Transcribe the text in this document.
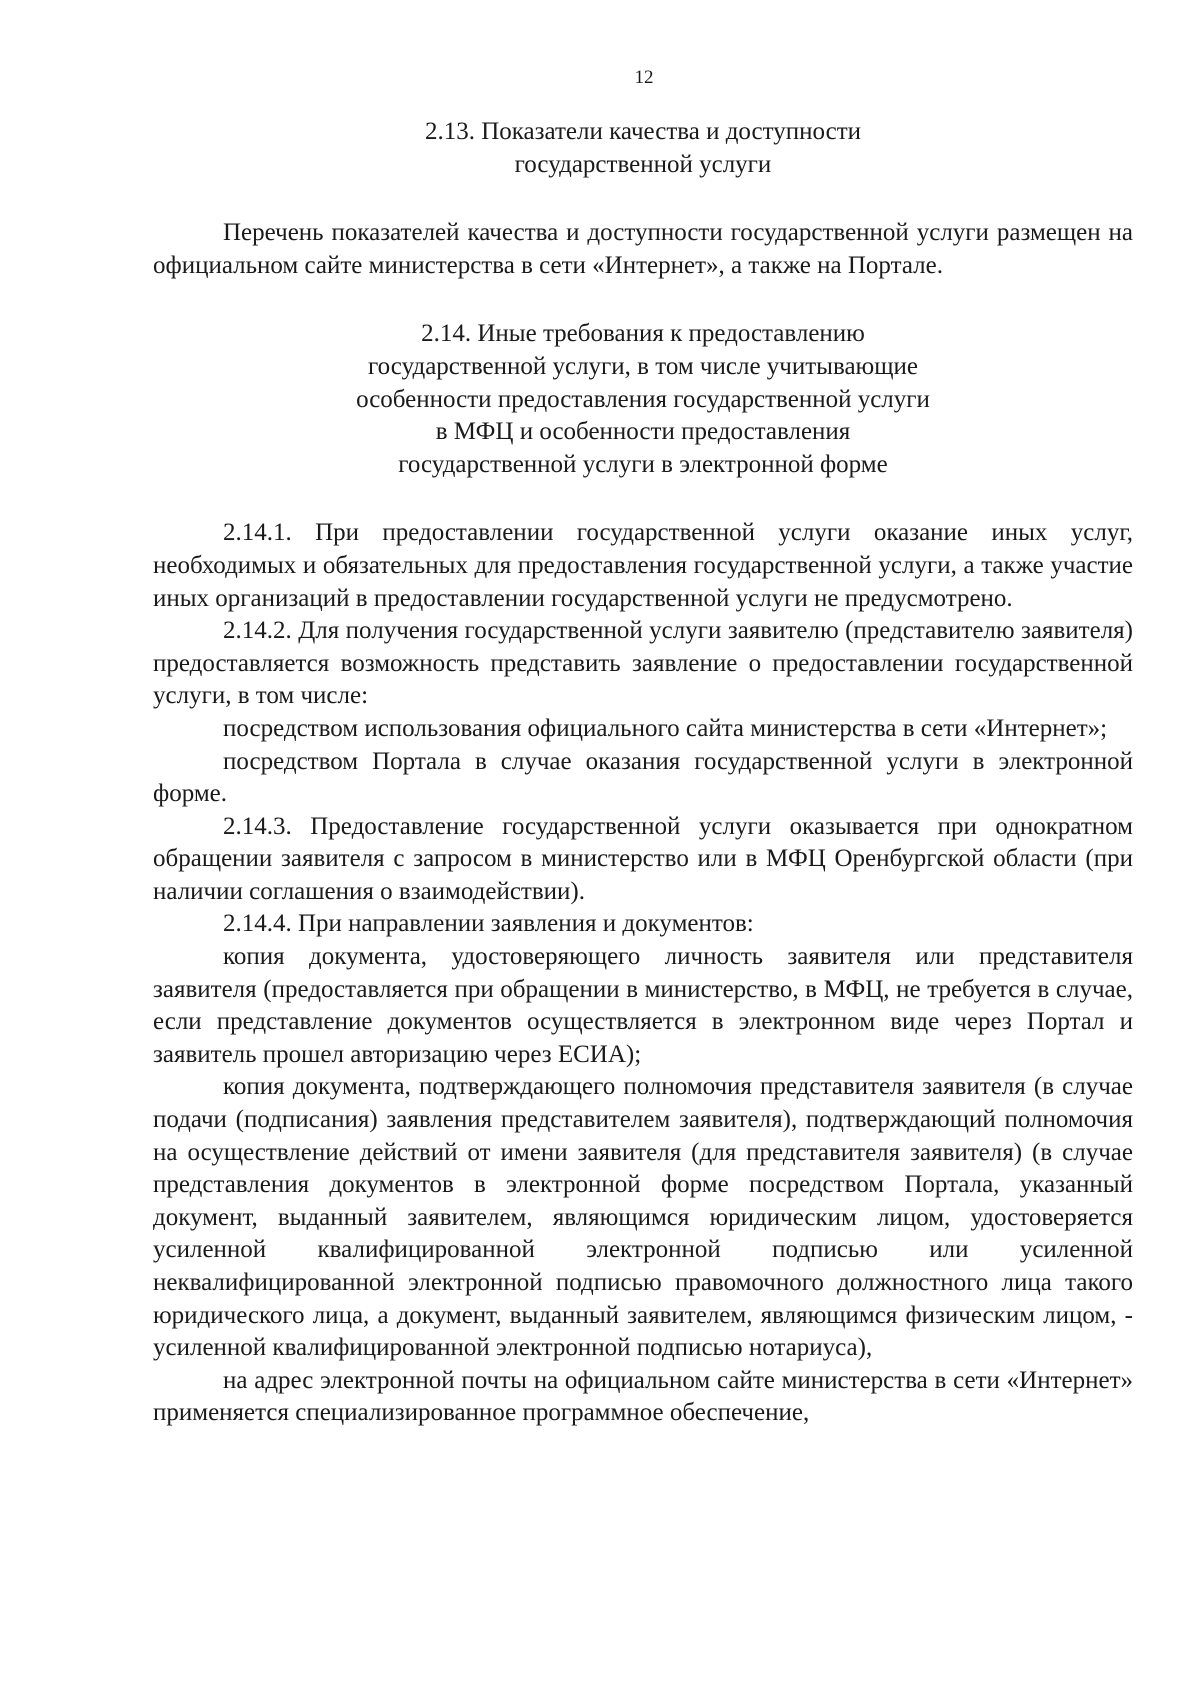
12
2.13. Показатели качества и доступности
государственной услуги

Перечень показателей качества и доступности государственной услуги размещен на официальном сайте министерства в сети «Интернет», а также на Портале.

2.14. Иные требования к предоставлению
государственной услуги, в том числе учитывающие
особенности предоставления государственной услуги
в МФЦ и особенности предоставления
государственной услуги в электронной форме

2.14.1. При предоставлении государственной услуги оказание иных услуг, необходимых и обязательных для предоставления государственной услуги, а также участие иных организаций в предоставлении государственной услуги не предусмотрено.

2.14.2. Для получения государственной услуги заявителю (представителю заявителя) предоставляется возможность представить заявление о предоставлении государственной услуги, в том числе:

посредством использования официального сайта министерства в сети «Интернет»;

посредством Портала в случае оказания государственной услуги в электронной форме.

2.14.3. Предоставление государственной услуги оказывается при однократном обращении заявителя с запросом в министерство или в МФЦ Оренбургской области (при наличии соглашения о взаимодействии).

2.14.4. При направлении заявления и документов:

копия документа, удостоверяющего личность заявителя или представителя заявителя (предоставляется при обращении в министерство, в МФЦ, не требуется в случае, если представление документов осуществляется в электронном виде через Портал и заявитель прошел авторизацию через ЕСИА);

копия документа, подтверждающего полномочия представителя заявителя (в случае подачи (подписания) заявления представителем заявителя), подтверждающий полномочия на осуществление действий от имени заявителя (для представителя заявителя) (в случае представления документов в электронной форме посредством Портала, указанный документ, выданный заявителем, являющимся юридическим лицом, удостоверяется усиленной квалифицированной электронной подписью или усиленной неквалифицированной электронной подписью правомочного должностного лица такого юридического лица, а документ, выданный заявителем, являющимся физическим лицом, - усиленной квалифицированной электронной подписью нотариуса),

на адрес электронной почты на официальном сайте министерства в сети «Интернет» применяется специализированное программное обеспечение,
